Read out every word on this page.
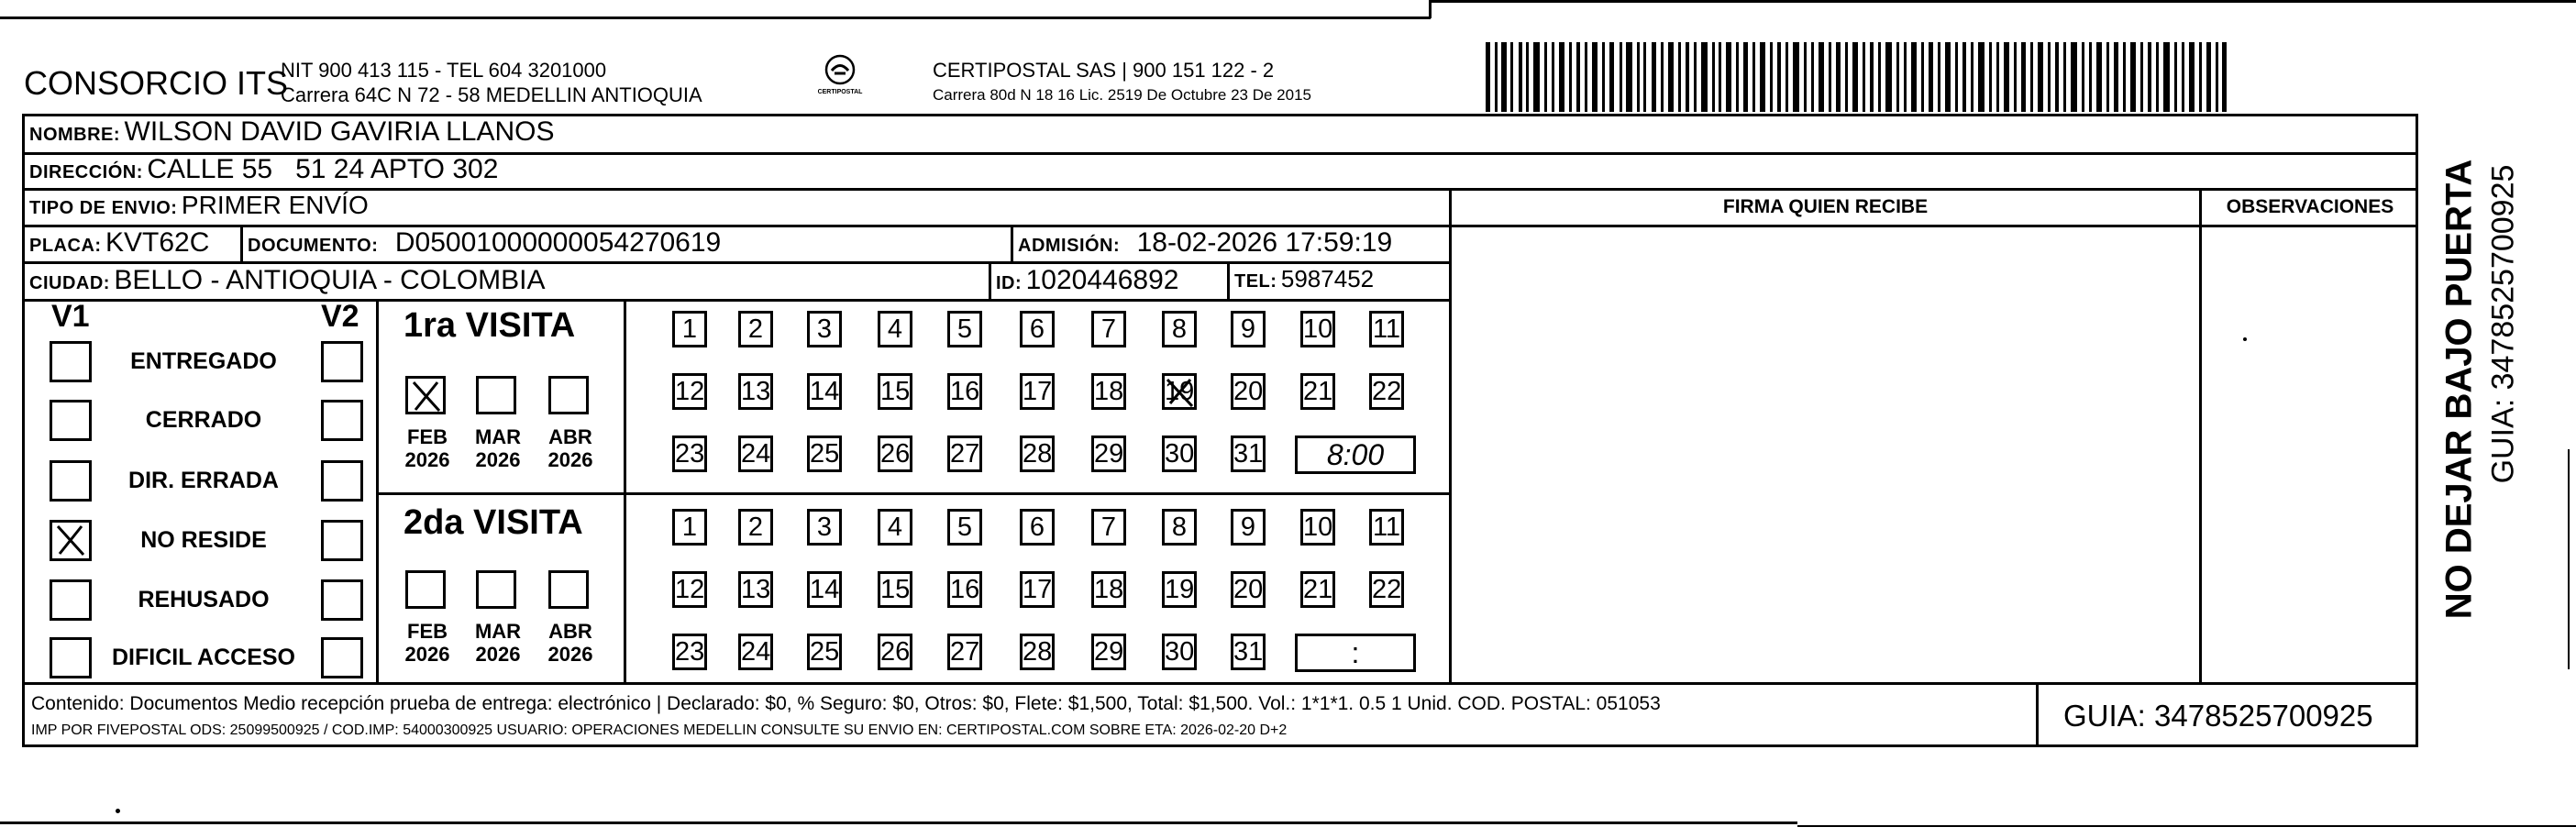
CONSORCIO ITS
NIT 900 413 115 - TEL 604 3201000
Carrera 64C N 72 - 58 MEDELLIN ANTIOQUIA	CERTIPOSTAL
CERTIPOSTAL SAS | 900 151 122 - 2
Carrera 80d N 18 16 Lic. 2519 De Octubre 23 De 2015
NOMBRE: WILSON DAVID GAVIRIA LLANOS
DIRECCIÓN: CALLE 55   51 24 APTO 302
TIPO DE ENVIO: PRIMER ENVÍO	FIRMA QUIEN RECIBE	OBSERVACIONES
PLACA: KVT62C DOCUMENTO: D05001000000054270619	ADMISIÓN: 18-02-2026 17:59:19
CIUDAD: BELLO - ANTIOQUIA - COLOMBIA	ID: 1020446892	TEL: 5987452
V1	V2
ENTREGADO
CERRADO
DIR. ERRADA
NO RESIDE
REHUSADO
DIFICIL ACCESO
1ra VISITA
2da VISITA
FEB
2026
MAR
2026
ABR
2026
FEB
2026
MAR
2026
ABR
2026
1	2	3	4	5	6	7	8	9	10 11
12 13 14 15 16 17 18 19 20 21 22
23 24 25 26 27 28 29 30 31	8:00
1	2	3	4	5	6	7	8	9	10 11
12 13 14 15 16 17 18 19 20 21 22
23 24 25 26 27 28 29 30 31	:
Contenido: Documentos Medio recepción prueba de entrega: electrónico | Declarado: $0, % Seguro: $0, Otros: $0, Flete: $1,500, Total: $1,500. Vol.: 1*1*1. 0.5 1 Unid. COD. POSTAL: 051053
IMP POR FIVEPOSTAL ODS: 25099500925 / COD.IMP: 54000300925 USUARIO: OPERACIONES MEDELLIN CONSULTE SU ENVIO EN: CERTIPOSTAL.COM SOBRE ETA: 2026-02-20 D+2	GUIA: 3478525700925
NO DEJAR BAJO PUERTA GUIA: 3478525700925
